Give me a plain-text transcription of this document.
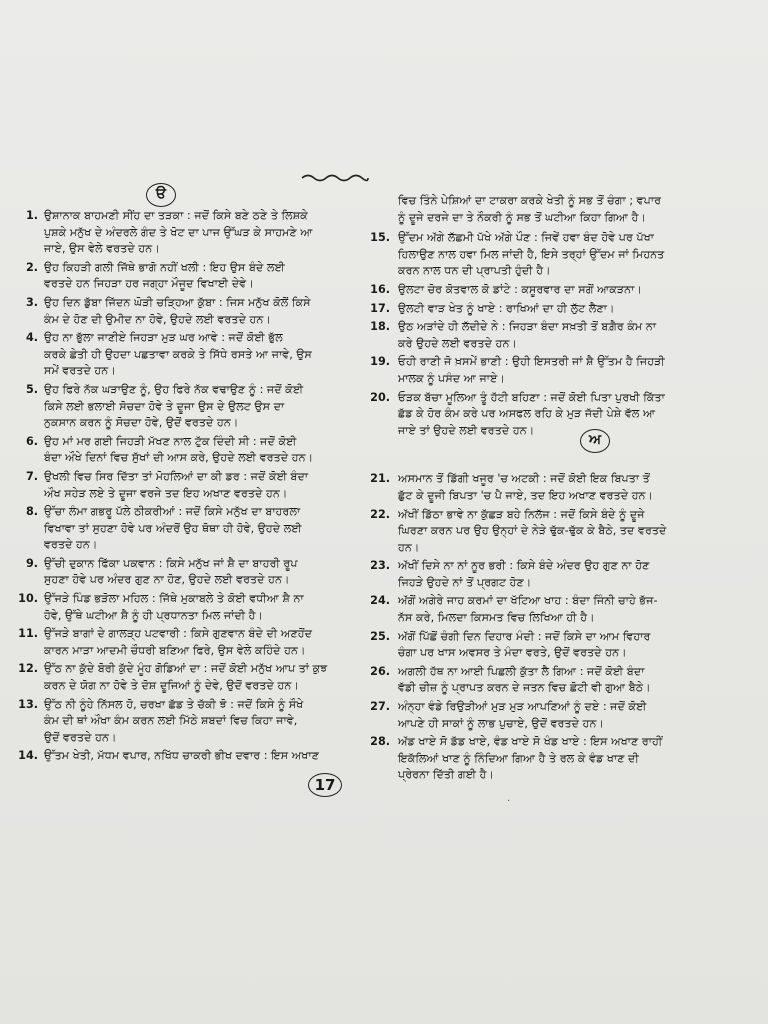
ੳ
ਅ
1. ਉਸ਼ਾਨਾਕ ਬਾਹਮਣੀ ਸੀਂਹ ਦਾ ਤੜਕਾ : ਜਦੋਂ ਕਿਸੇ ਬਣੇ ਠਣੇ ਤੇ ਲਿਸ਼ਕੇ
ਪੁਸ਼ਕੇ ਮਨੁੱਖ ਦੇ ਅੰਦਰਲੇ ਗੰਦ ਤੇ ਖੋਟ ਦਾ ਪਾਜ ਉੱਘੜ ਕੇ ਸਾਹਮਣੇ ਆ
ਜਾਏ, ਉਸ ਵੇਲੇ ਵਰਤਦੇ ਹਨ।
2. ਉਹ ਕਿਹੜੀ ਗਲੀ ਜਿੱਥੇ ਭਾਗੋ ਨਹੀਂ ਖਲੀ : ਇਹ ਉਸ ਬੰਦੇ ਲਈ
ਵਰਤਦੇ ਹਨ ਜਿਹੜਾ ਹਰ ਜਗ੍ਹਾ ਮੌਜੂਦ ਵਿਖਾਈ ਦੇਵੇ।
3. ਉਹ ਦਿਨ ਡੁੱਬਾ ਜਿੱਦਨ ਘੋੜੀ ਚੜ੍ਹਿਆ ਕੁੱਬਾ : ਜਿਸ ਮਨੁੱਖ ਕੋਲੋਂ ਕਿਸੇ
ਕੰਮ ਦੇ ਹੋਣ ਦੀ ਉਮੀਦ ਨਾ ਹੋਵੇ, ਉਹਦੇ ਲਈ ਵਰਤਦੇ ਹਨ।
4. ਉਹ ਨਾ ਭੁੱਲਾ ਜਾਣੀਏ ਜਿਹੜਾ ਮੁੜ ਘਰ ਆਵੇ : ਜਦੋਂ ਕੋਈ ਭੁੱਲ
ਕਰਕੇ ਛੇਤੀ ਹੀ ਉਹਦਾ ਪਛਤਾਵਾ ਕਰਕੇ ਤੇ ਸਿੱਧੇ ਰਸਤੇ ਆ ਜਾਵੇ, ਉਸ
ਸਮੇਂ ਵਰਤਦੇ ਹਨ।
5. ਉਹ ਫਿਰੇ ਨੱਕ ਘੜਾਉਣ ਨੂੰ, ਉਹ ਫਿਰੇ ਨੱਕ ਵਢਾਉਣ ਨੂੰ : ਜਦੋਂ ਕੋਈ
ਕਿਸੇ ਲਈ ਭਲਾਈ ਸੋਚਦਾ ਹੋਵੇ ਤੇ ਦੂਜਾ ਉਸ ਦੇ ਉਲਟ ਉਸ ਦਾ
ਨੁਕਸਾਨ ਕਰਨ ਨੂੰ ਸੋਚਦਾ ਹੋਵੇ, ਉਦੋਂ ਵਰਤਦੇ ਹਨ।
6. ਉਹ ਮਾਂ ਮਰ ਗਈ ਜਿਹੜੀ ਮੱਖਣ ਨਾਲ ਟੁੱਕ ਦਿੰਦੀ ਸੀ : ਜਦੋਂ ਕੋਈ
ਬੰਦਾ ਔਖੇ ਦਿਨਾਂ ਵਿਚ ਸੁੱਖਾਂ ਦੀ ਆਸ ਕਰੇ, ਉਹਦੇ ਲਈ ਵਰਤਦੇ ਹਨ।
7. ਉਖਲੀ ਵਿਚ ਸਿਰ ਦਿੱਤਾ ਤਾਂ ਮੋਹਲਿਆਂ ਦਾ ਕੀ ਡਰ : ਜਦੋਂ ਕੋਈ ਬੰਦਾ
ਔਖ ਸਹੇੜ ਲਏ ਤੇ ਦੂਜਾ ਵਰਜੇ ਤਦ ਇਹ ਅਖਾਣ ਵਰਤਦੇ ਹਨ।
8. ਉੱਚਾ ਲੰਮਾ ਗਭਰੂ ਪੱਲੇ ਠੀਕਰੀਆਂ : ਜਦੋਂ ਕਿਸੇ ਮਨੁੱਖ ਦਾ ਬਾਹਰਲਾ
ਵਿਖਾਵਾ ਤਾਂ ਸੁਹਣਾ ਹੋਵੇ ਪਰ ਅੰਦਰੋਂ ਉਹ ਥੋਥਾ ਹੀ ਹੋਵੇ, ਉਹਦੇ ਲਈ
ਵਰਤਦੇ ਹਨ।
9. ਉੱਚੀ ਦੁਕਾਨ ਫਿੱਕਾ ਪਕਵਾਨ : ਕਿਸੇ ਮਨੁੱਖ ਜਾਂ ਸ਼ੈ ਦਾ ਬਾਹਰੀ ਰੂਪ
ਸੁਹਣਾ ਹੋਵੇ ਪਰ ਅੰਦਰ ਗੁਣ ਨਾ ਹੋਣ, ਉਹਦੇ ਲਈ ਵਰਤਦੇ ਹਨ।
10. ਉੱਜੜੇ ਪਿੰਡ ਭੜੋਲਾ ਮਹਿਲ : ਜਿੱਥੇ ਮੁਕਾਬਲੇ ਤੇ ਕੋਈ ਵਧੀਆ ਸ਼ੈ ਨਾ
ਹੋਵੇ, ਉੱਥੇ ਘਟੀਆ ਸ਼ੈ ਨੂੰ ਹੀ ਪ੍ਰਧਾਨਤਾ ਮਿਲ ਜਾਂਦੀ ਹੈ।
11. ਉੱਜੜੇ ਬਾਗਾਂ ਦੇ ਗਾਲੜ੍ਹ ਪਟਵਾਰੀ : ਕਿਸੇ ਗੁਣਵਾਨ ਬੰਦੇ ਦੀ ਅਣਹੋਂਦ
ਕਾਰਨ ਮਾੜਾ ਆਦਮੀ ਚੌਧਰੀ ਬਣਿਆ ਫਿਰੇ, ਉਸ ਵੇਲੇ ਕਹਿੰਦੇ ਹਨ।
12. ਉੱਠ ਨਾ ਕੁੱਦੇ ਬੋਰੀ ਕੁੱਦੇ ਮੂੰਹ ਗੋਡਿਆਂ ਦਾ : ਜਦੋਂ ਕੋਈ ਮਨੁੱਖ ਆਪ ਤਾਂ ਕੁਝ
ਕਰਨ ਦੇ ਯੋਗ ਨਾ ਹੋਵੇ ਤੇ ਦੋਸ਼ ਦੂਜਿਆਂ ਨੂੰ ਦੇਵੇ, ਉਦੋਂ ਵਰਤਦੇ ਹਨ।
13. ਉੱਠ ਨੀ ਨੂੰਹੇ ਨਿੱਸਲ ਹੋ, ਚਰਖਾ ਛੱਡ ਤੇ ਚੱਕੀ ਝੋ : ਜਦੋਂ ਕਿਸੇ ਨੂੰ ਸੌਖੇ
ਕੰਮ ਦੀ ਥਾਂ ਔਖਾ ਕੰਮ ਕਰਨ ਲਈ ਮਿੱਠੇ ਸ਼ਬਦਾਂ ਵਿਚ ਕਿਹਾ ਜਾਵੇ,
ਉਦੋਂ ਵਰਤਦੇ ਹਨ।
14. ਉੱਤਮ ਖੇਤੀ, ਮੱਧਮ ਵਪਾਰ, ਨਖਿੱਧ ਚਾਕਰੀ ਭੀਖ ਦਵਾਰ : ਇਸ ਅਖਾਣ
ਵਿਚ ਤਿੰਨੇ ਪੇਸ਼ਿਆਂ ਦਾ ਟਾਕਰਾ ਕਰਕੇ ਖੇਤੀ ਨੂੰ ਸਭ ਤੋਂ ਚੰਗਾ ; ਵਪਾਰ
ਨੂੰ ਦੂਜੇ ਦਰਜੇ ਦਾ ਤੇ ਨੌਕਰੀ ਨੂੰ ਸਭ ਤੋਂ ਘਟੀਆ ਕਿਹਾ ਗਿਆ ਹੈ।
15. ਉੱਦਮ ਅੱਗੇ ਲੱਛਮੀ ਪੱਖੇ ਅੱਗੇ ਪੌਣ : ਜਿਵੇਂ ਹਵਾ ਬੰਦ ਹੋਵੇ ਪਰ ਪੱਖਾ
ਹਿਲਾਉਣ ਨਾਲ ਹਵਾ ਮਿਲ ਜਾਂਦੀ ਹੈ, ਇਸੇ ਤਰ੍ਹਾਂ ਉੱਦਮ ਜਾਂ ਮਿਹਨਤ
ਕਰਨ ਨਾਲ ਧਨ ਦੀ ਪ੍ਰਾਪਤੀ ਹੁੰਦੀ ਹੈ।
16. ਉਲਟਾ ਚੋਰ ਕੋਤਵਾਲ ਕੋ ਡਾਂਟੇ : ਕਸੂਰਵਾਰ ਦਾ ਸਗੋਂ ਆਕੜਨਾ।
17. ਉਲਟੀ ਵਾੜ ਖੇਤ ਨੂੰ ਖਾਏ : ਰਾਖਿਆਂ ਦਾ ਹੀ ਲੁੱਟ ਲੈਣਾ।
18. ਉਠ ਅੜਾਂਦੇ ਹੀ ਲੱਦੀਦੇ ਨੇ : ਜਿਹੜਾ ਬੰਦਾ ਸਖ਼ਤੀ ਤੋਂ ਬਗ਼ੈਰ ਕੰਮ ਨਾ
ਕਰੇ ਉਹਦੇ ਲਈ ਵਰਤਦੇ ਹਨ।
19. ਓਹੀ ਰਾਣੀ ਜੋ ਖ਼ਸਮੇਂ ਭਾਣੀ : ਉਹੀ ਇਸਤਰੀ ਜਾਂ ਸ਼ੈ ਉੱਤਮ ਹੈ ਜਿਹੜੀ
ਮਾਲਕ ਨੂੰ ਪਸੰਦ ਆ ਜਾਏ।
20. ਓੜਕ ਬੱਚਾ ਮੂਲਿਆ ਤੂੰ ਹੱਟੀ ਬਹਿਣਾ : ਜਦੋਂ ਕੋਈ ਪਿਤਾ ਪੁਰਖੀ ਕਿੱਤਾ
ਛੱਡ ਕੇ ਹੋਰ ਕੰਮ ਕਰੇ ਪਰ ਅਸਫਲ ਰਹਿ ਕੇ ਮੁੜ ਜੱਦੀ ਪੇਸ਼ੇ ਵੱਲ ਆ
ਜਾਏ ਤਾਂ ਉਹਦੇ ਲਈ ਵਰਤਦੇ ਹਨ।
21. ਅਸਮਾਨ ਤੋਂ ਡਿੱਗੀ ਖਜੂਰ 'ਚ ਅਟਕੀ : ਜਦੋਂ ਕੋਈ ਇਕ ਬਿਪਤਾ ਤੋਂ
ਛੁੱਟ ਕੇ ਦੂਜੀ ਬਿਪਤਾ 'ਚ ਪੈ ਜਾਏ, ਤਦ ਇਹ ਅਖਾਣ ਵਰਤਦੇ ਹਨ।
22. ਅੱਖੀਂ ਡਿੱਠਾ ਭਾਵੇ ਨਾ ਕੁੱਛੜ ਬਹੇ ਨਿਲੱਜ : ਜਦੋਂ ਕਿਸੇ ਬੰਦੇ ਨੂੰ ਦੂਜੇ
ਘਿਰਣਾ ਕਰਨ ਪਰ ਉਹ ਉਨ੍ਹਾਂ ਦੇ ਨੇੜੇ ਢੁੱਕ-ਢੁੱਕ ਕੇ ਬੈਠੇ, ਤਦ ਵਰਤਦੇ
ਹਨ।
23. ਅੱਖੀਂ ਦਿਸੇ ਨਾ ਨਾਂ ਨੂਰ ਭਰੀ : ਕਿਸੇ ਬੰਦੇ ਅੰਦਰ ਉਹ ਗੁਣ ਨਾ ਹੋਣ
ਜਿਹੜੇ ਉਹਦੇ ਨਾਂ ਤੋਂ ਪ੍ਰਗਟ ਹੋਣ।
24. ਅੱਗੋਂ ਅਗੇਰੇ ਜਾਹ ਕਰਮਾਂ ਦਾ ਖੱਟਿਆ ਖਾਹ : ਬੰਦਾ ਜਿੰਨੀ ਚਾਹੇ ਭੱਜ-
ਨੱਸ ਕਰੇ, ਮਿਲਦਾ ਕਿਸਮਤ ਵਿਚ ਲਿਖਿਆ ਹੀ ਹੈ।
25. ਅੱਗੋਂ ਪਿੱਛੋਂ ਚੰਗੀ ਦਿਨ ਦਿਹਾਰ ਮੰਦੀ : ਜਦੋਂ ਕਿਸੇ ਦਾ ਆਮ ਵਿਹਾਰ
ਚੰਗਾ ਪਰ ਖਾਸ ਅਵਸਰ ਤੇ ਮੰਦਾ ਵਰਤੇ, ਉਦੋਂ ਵਰਤਦੇ ਹਨ।
26. ਅਗਲੀ ਹੱਥ ਨਾ ਆਈ ਪਿਛਲੀ ਕੁੱਤਾ ਲੈ ਗਿਆ : ਜਦੋਂ ਕੋਈ ਬੰਦਾ
ਵੱਡੀ ਚੀਜ਼ ਨੂੰ ਪ੍ਰਾਪਤ ਕਰਨ ਦੇ ਜਤਨ ਵਿਚ ਛੋਟੀ ਵੀ ਗੁਆ ਬੈਠੇ।
27. ਅੰਨ੍ਹਾ ਵੰਡੇ ਰਿਉੜੀਆਂ ਮੁੜ ਮੁੜ ਆਪਣਿਆਂ ਨੂੰ ਦਏ : ਜਦੋਂ ਕੋਈ
ਆਪਣੇ ਹੀ ਸਾਕਾਂ ਨੂੰ ਲਾਭ ਪੁਚਾਏ, ਉਦੋਂ ਵਰਤਦੇ ਹਨ।
28. ਅੱਡ ਖਾਏ ਸੋ ਡੱਡ ਖਾਏ, ਵੰਡ ਖਾਏ ਸੋ ਖੰਡ ਖਾਏ : ਇਸ ਅਖਾਣ ਰਾਹੀਂ
ਇਕੱਲਿਆਂ ਖਾਣ ਨੂੰ ਨਿੰਦਿਆ ਗਿਆ ਹੈ ਤੇ ਰਲ ਕੇ ਵੰਡ ਖਾਣ ਦੀ
ਪ੍ਰੇਰਨਾ ਦਿੱਤੀ ਗਈ ਹੈ।
17
·
